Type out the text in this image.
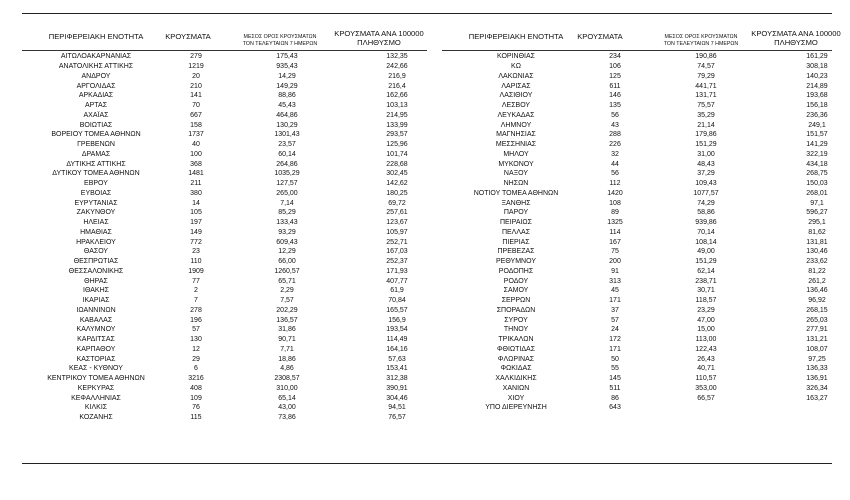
ΠΕΡΙΦΕΡΕΙΑΚΗ ΕΝΟΤΗΤΑ	ΚΡΟΥΣΜΑΤΑ	ΜΕΣΟΣ ΟΡΟΣ ΚΡΟΥΣΜΑΤΩΝ
ΤΟΝ ΤΕΛΕΥΤΑΙΩΝ 7 ΗΜΕΡΩΝ
ΚΡΟΥΣΜΑΤΑ ΑΝΑ 100000
ΠΛΗΘΥΣΜΟ
ΠΕΡΙΦΕΡΕΙΑΚΗ ΕΝΟΤΗΤΑ	ΚΡΟΥΣΜΑΤΑ	ΜΕΣΟΣ ΟΡΟΣ ΚΡΟΥΣΜΑΤΩΝ
ΤΟΝ ΤΕΛΕΥΤΑΙΩΝ 7 ΗΜΕΡΩΝ
ΚΡΟΥΣΜΑΤΑ ΑΝΑ 100000
ΠΛΗΘΥΣΜΟ
ΑΙΤΩΛΟΑΚΑΡΝΑΝΙΑΣ	279	175,43	132,35
ΑΝΑΤΟΛΙΚΗΣ ΑΤΤΙΚΗΣ	1219	935,43	242,66
ΑΝΔΡΟΥ	20	14,29	216,9
ΑΡΓΟΛΙΔΑΣ	210	149,29	216,4
ΑΡΚΑΔΙΑΣ	141	88,86	162,66
ΑΡΤΑΣ	70	45,43	103,13
ΑΧΑΪΑΣ	667	464,86	214,95
ΒΟΙΩΤΙΑΣ	158	130,29	133,99
ΒΟΡΕΙΟΥ ΤΟΜΕΑ ΑΘΗΝΩΝ	1737	1301,43	293,57
ΓΡΕΒΕΝΩΝ	40	23,57	125,96
ΔΡΑΜΑΣ	100	60,14	101,74
ΔΥΤΙΚΗΣ ΑΤΤΙΚΗΣ	368	264,86	228,68
ΔΥΤΙΚΟΥ ΤΟΜΕΑ ΑΘΗΝΩΝ	1481	1035,29	302,45
ΕΒΡΟΥ	211	127,57	142,62
ΕΥΒΟΙΑΣ	380	265,00	180,25
ΕΥΡΥΤΑΝΙΑΣ	14	7,14	69,72
ΖΑΚΥΝΘΟΥ	105	85,29	257,61
ΗΛΕΙΑΣ	197	133,43	123,67
ΗΜΑΘΙΑΣ	149	93,29	105,97
ΗΡΑΚΛΕΙΟΥ	772	609,43	252,71
ΘΑΣΟΥ	23	12,29	167,03
ΘΕΣΠΡΩΤΙΑΣ	110	66,00	252,37
ΘΕΣΣΑΛΟΝΙΚΗΣ	1909	1260,57	171,93
ΘΗΡΑΣ	77	65,71	407,77
ΙΘΑΚΗΣ	2	2,29	61,9
ΙΚΑΡΙΑΣ	7	7,57	70,84
ΙΩΑΝΝΙΝΩΝ	278	202,29	165,57
ΚΑΒΑΛΑΣ	196	136,57	156,9
ΚΑΛΥΜΝΟΥ	57	31,86	193,54
ΚΑΡΔΙΤΣΑΣ	130	90,71	114,49
ΚΑΡΠΑΘΟΥ	12	7,71	164,16
ΚΑΣΤΟΡΙΑΣ	29	18,86	57,63
ΚΕΑΣ - ΚΥΘΝΟΥ	6	4,86	153,41
ΚΕΝΤΡΙΚΟΥ ΤΟΜΕΑ ΑΘΗΝΩΝ	3216	2308,57	312,38
ΚΕΡΚΥΡΑΣ	408	310,00	390,91
ΚΕΦΑΛΛΗΝΙΑΣ	109	65,14	304,46
ΚΙΛΚΙΣ	76	43,00	94,51
ΚΟΖΑΝΗΣ	115	73,86	76,57
ΚΟΡΙΝΘΙΑΣ	234	190,86	161,29
ΚΩ	106	74,57	308,18
ΛΑΚΩΝΙΑΣ	125	79,29	140,23
ΛΑΡΙΣΑΣ	611	441,71	214,89
ΛΑΣΙΘΙΟΥ	146	131,71	193,68
ΛΕΣΒΟΥ	135	75,57	156,18
ΛΕΥΚΑΔΑΣ	56	35,29	236,36
ΛΗΜΝΟΥ	43	21,14	249,1
ΜΑΓΝΗΣΙΑΣ	288	179,86	151,57
ΜΕΣΣΗΝΙΑΣ	226	151,29	141,29
ΜΗΛΟΥ	32	31,00	322,19
ΜΥΚΟΝΟΥ	44	48,43	434,18
ΝΑΞΟΥ	56	37,29	268,75
ΝΗΣΩΝ	112	109,43	150,03
ΝΟΤΙΟΥ ΤΟΜΕΑ ΑΘΗΝΩΝ	1420	1077,57	268,01
ΞΑΝΘΗΣ	108	74,29	97,1
ΠΑΡΟΥ	89	58,86	596,27
ΠΕΙΡΑΙΩΣ	1325	939,86	295,1
ΠΕΛΛΑΣ	114	70,14	81,62
ΠΙΕΡΙΑΣ	167	108,14	131,81
ΠΡΕΒΕΖΑΣ	75	49,00	130,46
ΡΕΘΥΜΝΟΥ	200	151,29	233,62
ΡΟΔΟΠΗΣ	91	62,14	81,22
ΡΟΔΟΥ	313	238,71	261,2
ΣΑΜΟΥ	45	30,71	136,46
ΣΕΡΡΩΝ	171	118,57	96,92
ΣΠΟΡΑΔΩΝ	37	23,29	268,15
ΣΥΡΟΥ	57	47,00	265,03
ΤΗΝΟΥ	24	15,00	277,91
ΤΡΙΚΑΛΩΝ	172	113,00	131,21
ΦΘΙΩΤΙΔΑΣ	171	122,43	108,07
ΦΛΩΡΙΝΑΣ	50	26,43	97,25
ΦΩΚΙΔΑΣ	55	40,71	136,33
ΧΑΛΚΙΔΙΚΗΣ	145	110,57	136,91
ΧΑΝΙΩΝ	511	353,00	326,34
ΧΙΟΥ	86	66,57	163,27
ΥΠΟ ΔΙΕΡΕΥΝΗΣΗ	643
